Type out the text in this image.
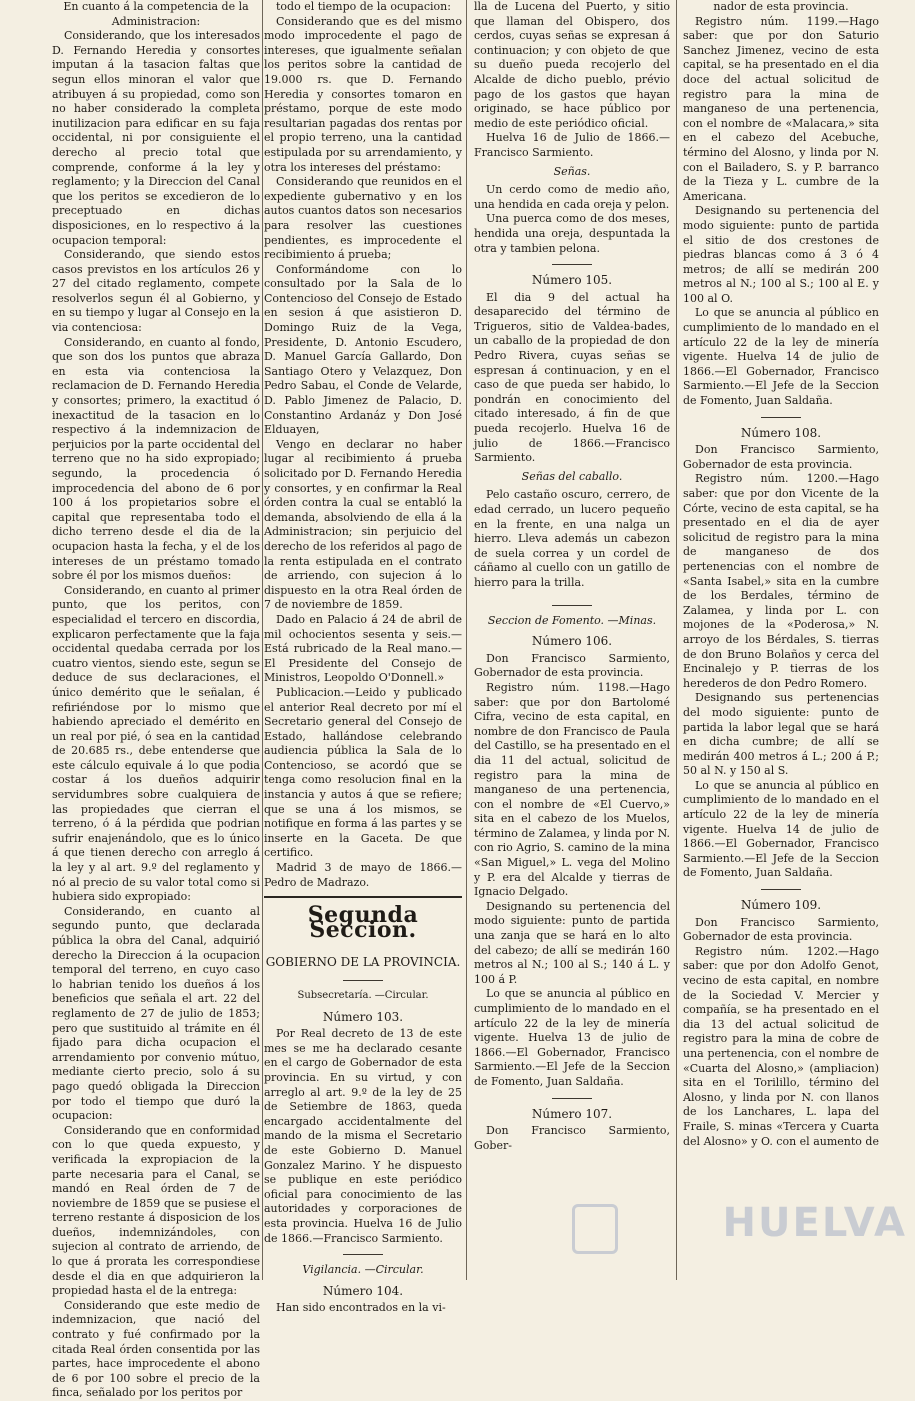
En cuanto á la competencia de la Administracion:

Considerando, que los interesados D. Fernando Heredia y consortes imputan á la tasacion faltas que segun ellos minoran el valor que atribuyen á su propiedad, como son no haber considerado la completa inutilizacion para edificar en su faja occidental, ni por consiguiente el derecho al precio total que comprende, conforme á la ley y reglamento; y la Direccion del Canal que los peritos se excedieron de lo preceptuado en dichas disposiciones, en lo respectivo á la ocupacion temporal:

Considerando, que siendo estos casos previstos en los artículos 26 y 27 del citado reglamento, compete resolverlos segun él al Gobierno, y en su tiempo y lugar al Consejo en la via contenciosa:

Considerando, en cuanto al fondo, que son dos los puntos que abraza en esta via contenciosa la reclamacion de D. Fernando Heredia y consortes; primero, la exactitud ó inexactitud de la tasacion en lo respectivo á la indemnizacion de perjuicios por la parte occidental del terreno que no ha sido expropiado; segundo, la procedencia ó improcedencia del abono de 6 por 100 á los propietarios sobre el capital que representaba todo el dicho terreno desde el dia de la ocupacion hasta la fecha, y el de los intereses de un préstamo tomado sobre él por los mismos dueños:

Considerando, en cuanto al primer punto, que los peritos, con especialidad el tercero en discordia, explicaron perfectamente que la faja occidental quedaba cerrada por los cuatro vientos, siendo este, segun se deduce de sus declaraciones, el único demérito que le señalan, é refiriéndose por lo mismo que habiendo apreciado el demérito en un real por pié, ó sea en la cantidad de 20.685 rs., debe entenderse que este cálculo equivale á lo que podia costar á los dueños adquirir servidumbres sobre cualquiera de las propiedades que cierran el terreno, ó á la pérdida que podrian sufrir enajenándolo, que es lo único á que tienen derecho con arreglo á la ley y al art. 9.º del reglamento y nó al precio de su valor total como si hubiera sido expropiado:

Considerando, en cuanto al segundo punto, que declarada pública la obra del Canal, adquirió derecho la Direccion á la ocupacion temporal del terreno, en cuyo caso lo habrian tenido los dueños á los beneficios que señala el art. 22 del reglamento de 27 de julio de 1853; pero que sustituido al trámite en él fijado para dicha ocupacion el arrendamiento por convenio mútuo, mediante cierto precio, solo á su pago quedó obligada la Direccion por todo el tiempo que duró la ocupacion:

Considerando que en conformidad con lo que queda expuesto, y verificada la expropiacion de la parte necesaria para el Canal, se mandó en Real órden de 7 de noviembre de 1859 que se pusiese el terreno restante á disposicion de los dueños, indemnizándoles, con sujecion al contrato de arriendo, de lo que á prorata les correspondiese desde el dia en que adquirieron la propiedad hasta el de la entrega:

Considerando que este medio de indemnizacion, que nació del contrato y fué confirmado por la citada Real órden consentida por las partes, hace improcedente el abono de 6 por 100 sobre el precio de la finca, señalado por los peritos por

todo el tiempo de la ocupacion:

Considerando que es del mismo modo improcedente el pago de intereses, que igualmente señalan los peritos sobre la cantidad de 19.000 rs. que D. Fernando Heredia y consortes tomaron en préstamo, porque de este modo resultarian pagadas dos rentas por el propio terreno, una la cantidad estipulada por su arrendamiento, y otra los intereses del préstamo:

Considerando que reunidos en el expediente gubernativo y en los autos cuantos datos son necesarios para resolver las cuestiones pendientes, es improcedente el recibimiento á prueba;

Conformándome con lo consultado por la Sala de lo Contencioso del Consejo de Estado en sesion á que asistieron D. Domingo Ruiz de la Vega, Presidente, D. Antonio Escudero, D. Manuel García Gallardo, Don Santiago Otero y Velazquez, Don Pedro Sabau, el Conde de Velarde, D. Pablo Jimenez de Palacio, D. Constantino Ardanáz y Don José Elduayen,

Vengo en declarar no haber lugar al recibimiento á prueba solicitado por D. Fernando Heredia y consortes, y en confirmar la Real órden contra la cual se entabló la demanda, absolviendo de ella á la Administracion; sin perjuicio del derecho de los referidos al pago de la renta estipulada en el contrato de arriendo, con sujecion á lo dispuesto en la otra Real órden de 7 de noviembre de 1859.

Dado en Palacio á 24 de abril de mil ochocientos sesenta y seis.—Está rubricado de la Real mano.—El Presidente del Consejo de Ministros, Leopoldo O'Donnell.»

Publicacion.—Leido y publicado el anterior Real decreto por mí el Secretario general del Consejo de Estado, hallándose celebrando audiencia pública la Sala de lo Contencioso, se acordó que se tenga como resolucion final en la instancia y autos á que se refiere; que se una á los mismos, se notifique en forma á las partes y se inserte en la Gaceta. De que certifico.

Madrid 3 de mayo de 1866.—Pedro de Madrazo.

Segunda Seccion.
GOBIERNO DE LA PROVINCIA.
Subsecretaría. —Circular.
Número 103.

Por Real decreto de 13 de este mes se me ha declarado cesante en el cargo de Gobernador de esta provincia. En su virtud, y con arreglo al art. 9.º de la ley de 25 de Setiembre de 1863, queda encargado accidentalmente del mando de la misma el Secretario de este Gobierno D. Manuel Gonzalez Marino. Y he dispuesto se publique en este periódico oficial para conocimiento de las autoridades y corporaciones de esta provincia. Huelva 16 de Julio de 1866.—Francisco Sarmiento.

Vigilancia. —Circular.
Número 104.

Han sido encontrados en la vi-

lla de Lucena del Puerto, y sitio que llaman del Obispero, dos cerdos, cuyas señas se expresan á continuacion; y con objeto de que su dueño pueda recojerlo del Alcalde de dicho pueblo, prévio pago de los gastos que hayan originado, se hace público por medio de este periódico oficial.

Huelva 16 de Julio de 1866.—Francisco Sarmiento.

Señas.

Un cerdo como de medio año, una hendida en cada oreja y pelon.

Una puerca como de dos meses, hendida una oreja, despuntada la otra y tambien pelona.

Número 105.

El dia 9 del actual ha desaparecido del término de Trigueros, sitio de Valdea-bades, un caballo de la propiedad de don Pedro Rivera, cuyas señas se espresan á continuacion, y en el caso de que pueda ser habido, lo pondrán en conocimiento del citado interesado, á fin de que pueda recojerlo. Huelva 16 de julio de 1866.—Francisco Sarmiento.

Señas del caballo.

Pelo castaño oscuro, cerrero, de edad cerrado, un lucero pequeño en la frente, en una nalga un hierro. Lleva además un cabezon de suela correa y un cordel de cáñamo al cuello con un gatillo de hierro para la trilla.

Seccion de Fomento. —Minas.
Número 106.

Don Francisco Sarmiento, Gobernador de esta provincia.

Registro núm. 1198.—Hago saber: que por don Bartolomé Cifra, vecino de esta capital, en nombre de don Francisco de Paula del Castillo, se ha presentado en el dia 11 del actual, solicitud de registro para la mina de manganeso de una pertenencia, con el nombre de «El Cuervo,» sita en el cabezo de los Muelos, término de Zalamea, y linda por N. con rio Agrio, S. camino de la mina «San Miguel,» L. vega del Molino y P. era del Alcalde y tierras de Ignacio Delgado.

Designando su pertenencia del modo siguiente: punto de partida una zanja que se hará en lo alto del cabezo; de allí se medirán 160 metros al N.; 100 al S.; 140 á L. y 100 á P.

Lo que se anuncia al público en cumplimiento de lo mandado en el artículo 22 de la ley de minería vigente. Huelva 13 de julio de 1866.—El Gobernador, Francisco Sarmiento.—El Jefe de la Seccion de Fomento, Juan Saldaña.

Número 107.

Don Francisco Sarmiento, Gober-

nador de esta provincia.

Registro núm. 1199.—Hago saber: que por don Saturio Sanchez Jimenez, vecino de esta capital, se ha presentado en el dia doce del actual solicitud de registro para la mina de manganeso de una pertenencia, con el nombre de «Malacara,» sita en el cabezo del Acebuche, término del Alosno, y linda por N. con el Bailadero, S. y P. barranco de la Tieza y L. cumbre de la Americana.

Designando su pertenencia del modo siguiente: punto de partida el sitio de dos crestones de piedras blancas como á 3 ó 4 metros; de allí se medirán 200 metros al N.; 100 al S.; 100 al E. y 100 al O.

Lo que se anuncia al público en cumplimiento de lo mandado en el artículo 22 de la ley de minería vigente. Huelva 14 de julio de 1866.—El Gobernador, Francisco Sarmiento.—El Jefe de la Seccion de Fomento, Juan Saldaña.

Número 108.

Don Francisco Sarmiento, Gobernador de esta provincia.

Registro núm. 1200.—Hago saber: que por don Vicente de la Córte, vecino de esta capital, se ha presentado en el dia de ayer solicitud de registro para la mina de manganeso de dos pertenencias con el nombre de «Santa Isabel,» sita en la cumbre de los Berdales, término de Zalamea, y linda por L. con mojones de la «Poderosa,» N. arroyo de los Bérdales, S. tierras de don Bruno Bolaños y cerca del Encinalejo y P. tierras de los herederos de don Pedro Romero.

Designando sus pertenencias del modo siguiente: punto de partida la labor legal que se hará en dicha cumbre; de allí se medirán 400 metros á L.; 200 á P.; 50 al N. y 150 al S.

Lo que se anuncia al público en cumplimiento de lo mandado en el artículo 22 de la ley de minería vigente. Huelva 14 de julio de 1866.—El Gobernador, Francisco Sarmiento.—El Jefe de la Seccion de Fomento, Juan Saldaña.

Número 109.

Don Francisco Sarmiento, Gobernador de esta provincia.

Registro núm. 1202.—Hago saber: que por don Adolfo Genot, vecino de esta capital, en nombre de la Sociedad V. Mercier y compañía, se ha presentado en el dia 13 del actual solicitud de registro para la mina de cobre de una pertenencia, con el nombre de «Cuarta del Alosno,» (ampliacion) sita en el Torilillo, término del Alosno, y linda por N. con llanos de los Lanchares, L. lapa del Fraile, S. minas «Tercera y Cuarta del Alosno» y O. con el aumento de

HUELVA
